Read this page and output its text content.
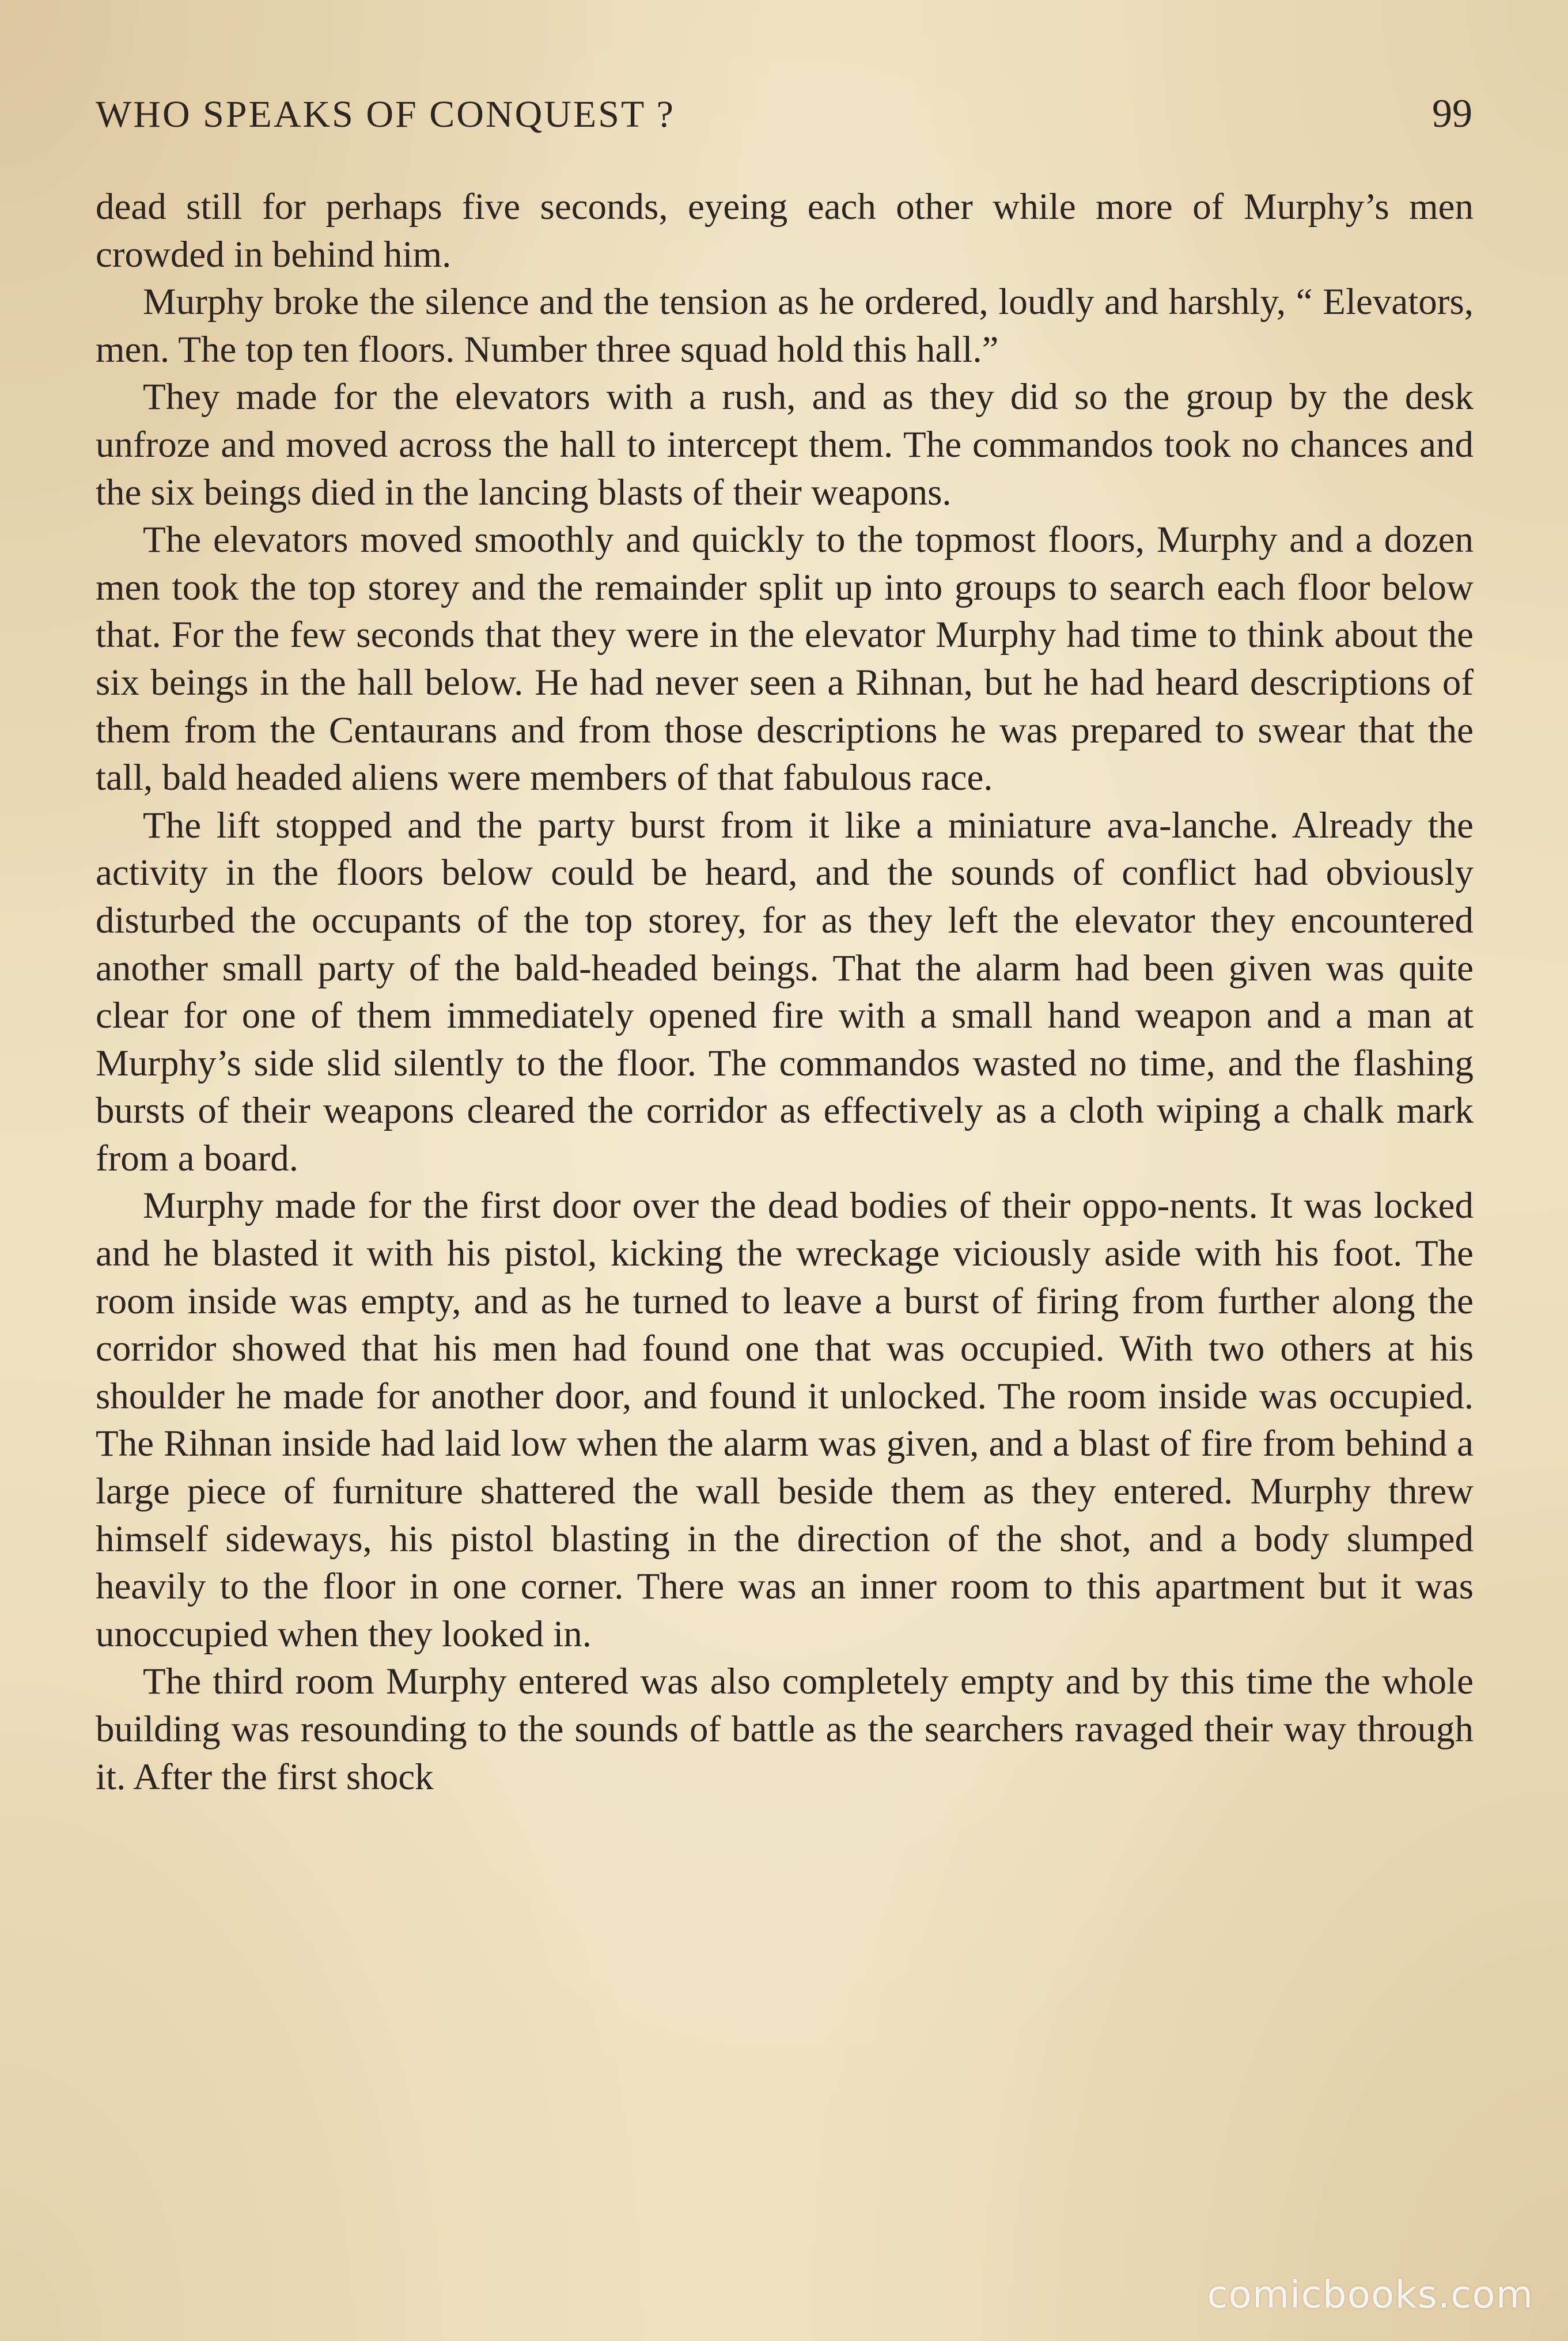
WHO SPEAKS OF CONQUEST ?	99

dead still for perhaps five seconds, eyeing each other while more of Murphy’s men crowded in behind him.

Murphy broke the silence and the tension as he ordered, loudly and harshly, “ Elevators, men. The top ten floors. Number three squad hold this hall.”

They made for the elevators with a rush, and as they did so the group by the desk unfroze and moved across the hall to intercept them. The commandos took no chances and the six beings died in the lancing blasts of their weapons.

The elevators moved smoothly and quickly to the topmost floors, Murphy and a dozen men took the top storey and the remainder split up into groups to search each floor below that. For the few seconds that they were in the elevator Murphy had time to think about the six beings in the hall below. He had never seen a Rihnan, but he had heard descriptions of them from the Centaurans and from those descriptions he was prepared to swear that the tall, bald headed aliens were members of that fabulous race.

The lift stopped and the party burst from it like a miniature ava-lanche. Already the activity in the floors below could be heard, and the sounds of conflict had obviously disturbed the occupants of the top storey, for as they left the elevator they encountered another small party of the bald-headed beings. That the alarm had been given was quite clear for one of them immediately opened fire with a small hand weapon and a man at Murphy’s side slid silently to the floor. The commandos wasted no time, and the flashing bursts of their weapons cleared the corridor as effectively as a cloth wiping a chalk mark from a board.

Murphy made for the first door over the dead bodies of their oppo-nents. It was locked and he blasted it with his pistol, kicking the wreckage viciously aside with his foot. The room inside was empty, and as he turned to leave a burst of firing from further along the corridor showed that his men had found one that was occupied. With two others at his shoulder he made for another door, and found it unlocked. The room inside was occupied. The Rihnan inside had laid low when the alarm was given, and a blast of fire from behind a large piece of furniture shattered the wall beside them as they entered. Murphy threw himself sideways, his pistol blasting in the direction of the shot, and a body slumped heavily to the floor in one corner. There was an inner room to this apartment but it was unoccupied when they looked in.

The third room Murphy entered was also completely empty and by this time the whole building was resounding to the sounds of battle as the searchers ravaged their way through it. After the first shock

comicbooks.com
